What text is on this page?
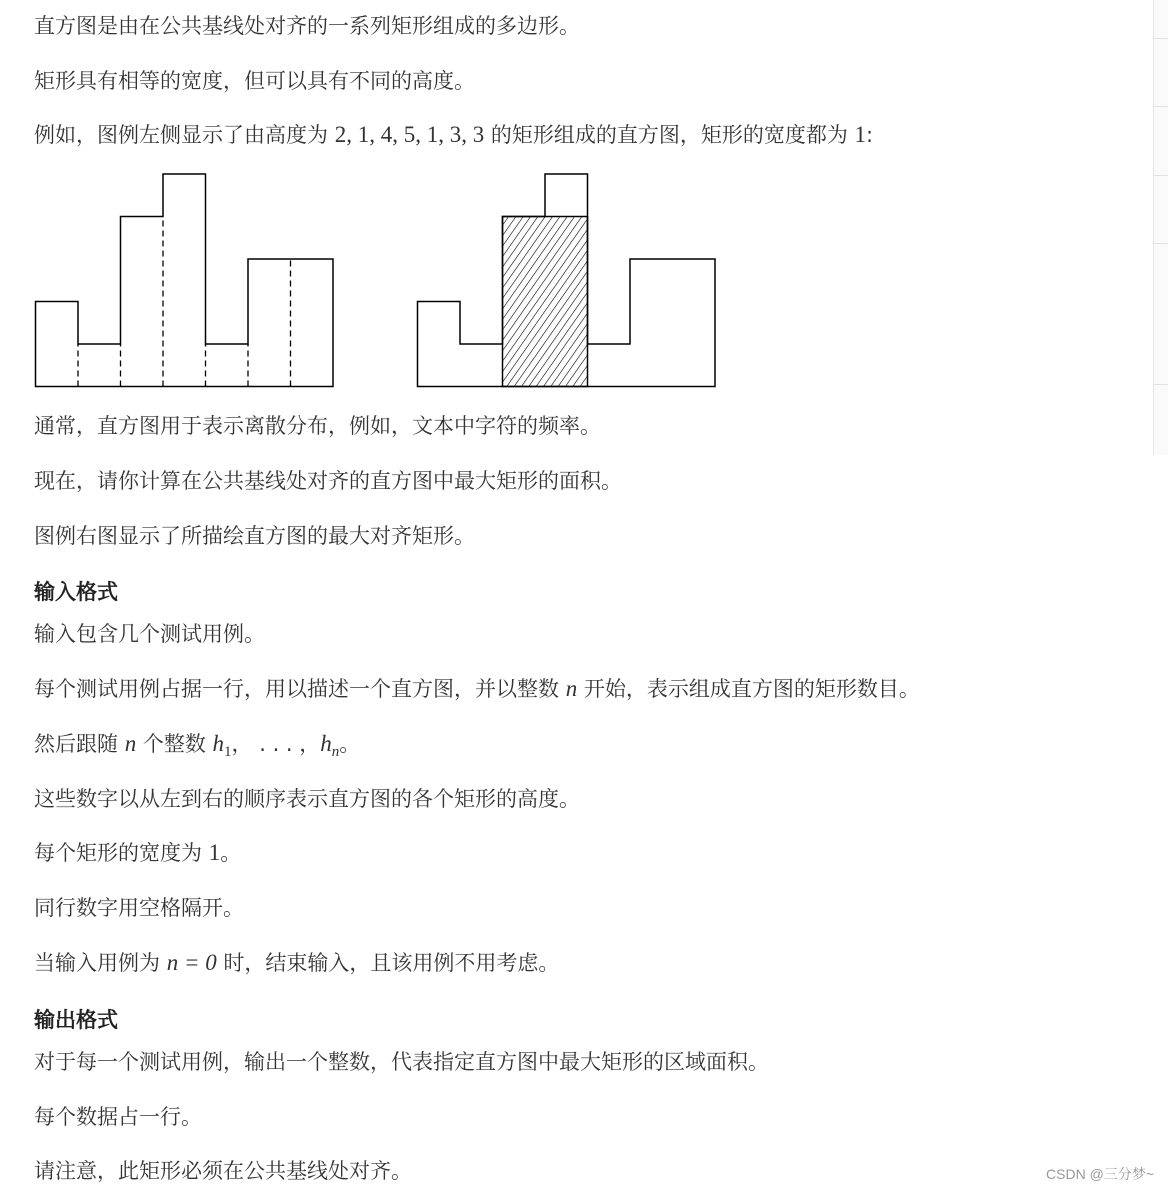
直方图是由在公共基线处对齐的一系列矩形组成的多边形。
矩形具有相等的宽度，但可以具有不同的高度。
例如，图例左侧显示了由高度为 2, 1, 4, 5, 1, 3, 3 的矩形组成的直方图，矩形的宽度都为 1:
通常，直方图用于表示离散分布，例如，文本中字符的频率。
现在，请你计算在公共基线处对齐的直方图中最大矩形的面积。
图例右图显示了所描绘直方图的最大对齐矩形。
输入格式
输入包含几个测试用例。
每个测试用例占据一行，用以描述一个直方图，并以整数 n 开始，表示组成直方图的矩形数目。
然后跟随 n 个整数 $h_1$， . . . ，$h_n$。
这些数字以从左到右的顺序表示直方图的各个矩形的高度。
每个矩形的宽度为 1。
同行数字用空格隔开。
当输入用例为 n = 0 时，结束输入，且该用例不用考虑。
输出格式
对于每一个测试用例，输出一个整数，代表指定直方图中最大矩形的区域面积。
每个数据占一行。
请注意，此矩形必须在公共基线处对齐。	CSDN @三分梦~
